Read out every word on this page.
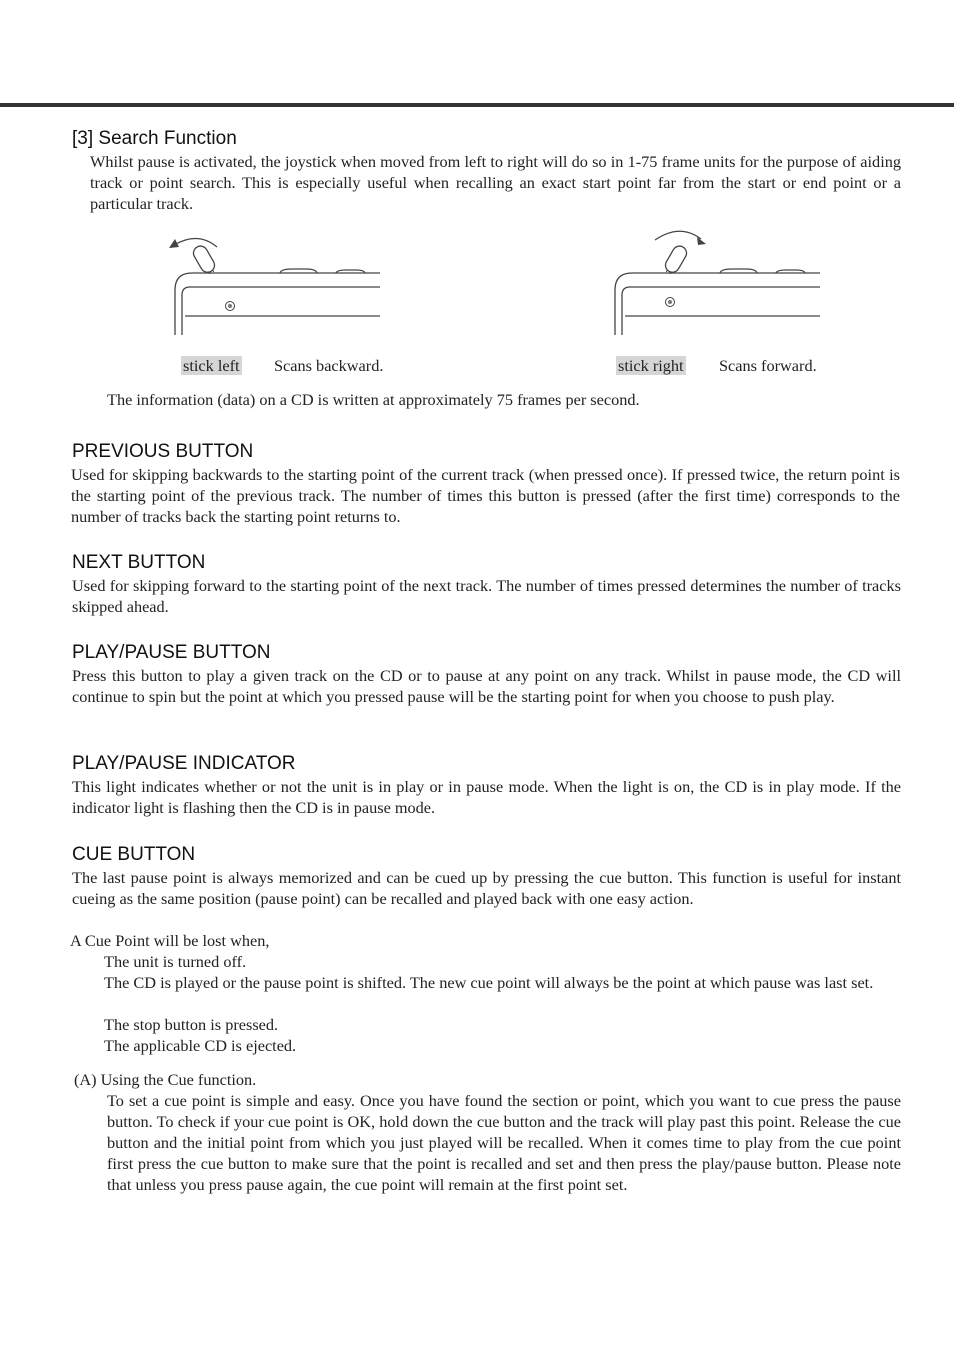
[3] Search Function

Whilst pause is activated, the joystick when moved from left to right will do so in 1-75 frame units for the purpose of aiding track or point search. This is especially useful when recalling an exact start point far from the start or end point or a particular track.

stick left Scans backward.	stick right Scans forward.
The information (data) on a CD is written at approximately 75 frames per second.
PREVIOUS BUTTON

Used for skipping backwards to the starting point of the current track (when pressed once). If pressed twice, the return point is the starting point of the previous track. The number of times this button is pressed (after the first time) corresponds to the number of tracks back the starting point returns to.

NEXT BUTTON

Used for skipping forward to the starting point of the next track. The number of times pressed determines the number of tracks skipped ahead.

PLAY/PAUSE BUTTON

Press this button to play a given track on the CD or to pause at any point on any track. Whilst in pause mode, the CD will continue to spin but the point at which you pressed pause will be the starting point for when you choose to push play.

PLAY/PAUSE INDICATOR

This light indicates whether or not the unit is in play or in pause mode. When the light is on, the CD is in play mode. If the indicator light is flashing then the CD is in pause mode.

CUE BUTTON

The last pause point is always memorized and can be cued up by pressing the cue button. This function is useful for instant cueing as the same position (pause point) can be recalled and played back with one easy action.

A Cue Point will be lost when,
The unit is turned off.

The CD is played or the pause point is shifted. The new cue point will always be the point at which pause was last set.

The stop button is pressed.
The applicable CD is ejected.
(A) Using the Cue function.

To set a cue point is simple and easy. Once you have found the section or point, which you want to cue press the pause button. To check if your cue point is OK, hold down the cue button and the track will play past this point. Release the cue button and the initial point from which you just played will be recalled. When it comes time to play from the cue point first press the cue button to make sure that the point is recalled and set and then press the play/pause button. Please note that unless you press pause again, the cue point will remain at the first point set.
